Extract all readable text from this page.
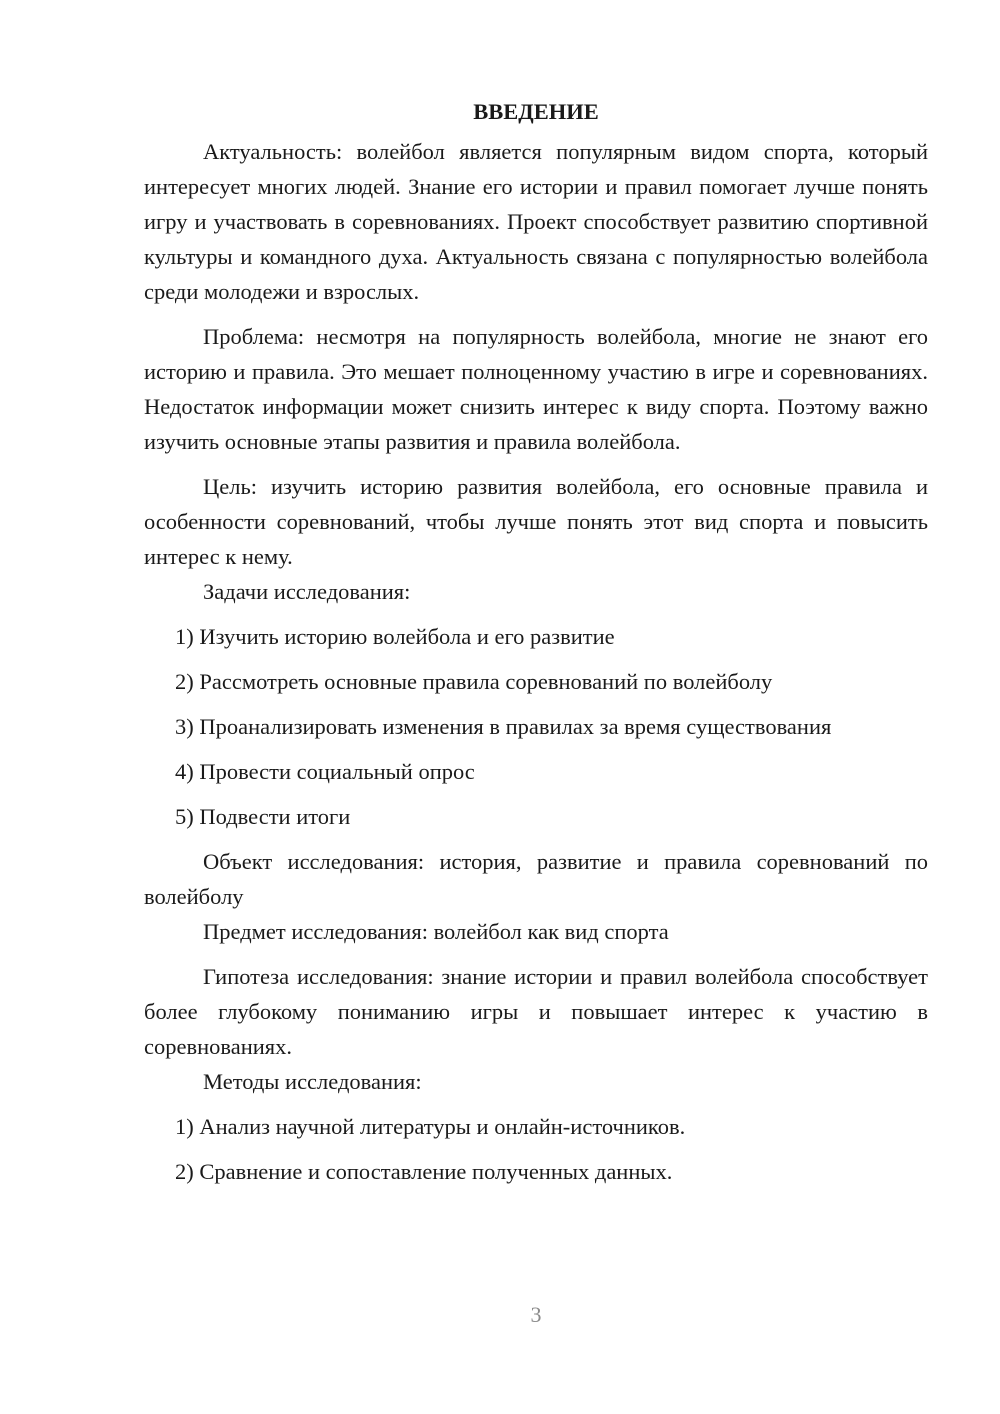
ВВЕДЕНИЕ

Актуальность: волейбол является популярным видом спорта, который интересует многих людей. Знание его истории и правил помогает лучше понять игру и участвовать в соревнованиях. Проект способствует развитию спортивной культуры и командного духа. Актуальность связана с популярностью волейбола среди молодежи и взрослых.

Проблема: несмотря на популярность волейбола, многие не знают его историю и правила. Это мешает полноценному участию в игре и соревнованиях. Недостаток информации может снизить интерес к виду спорта. Поэтому важно изучить основные этапы развития и правила волейбола.

Цель: изучить историю развития волейбола, его основные правила и особенности соревнований, чтобы лучше понять этот вид спорта и повысить интерес к нему.

Задачи исследования:

1) Изучить историю волейбола и его развитие

2) Рассмотреть основные правила соревнований по волейболу

3) Проанализировать изменения в правилах за время существования

4) Провести социальный опрос

5) Подвести итоги

Объект исследования: история, развитие и правила соревнований по волейболу

Предмет исследования: волейбол как вид спорта

Гипотеза исследования: знание истории и правил волейбола способствует более глубокому пониманию игры и повышает интерес к участию в соревнованиях.

Методы исследования:

1) Анализ научной литературы и онлайн-источников.

2) Сравнение и сопоставление полученных данных.

3
